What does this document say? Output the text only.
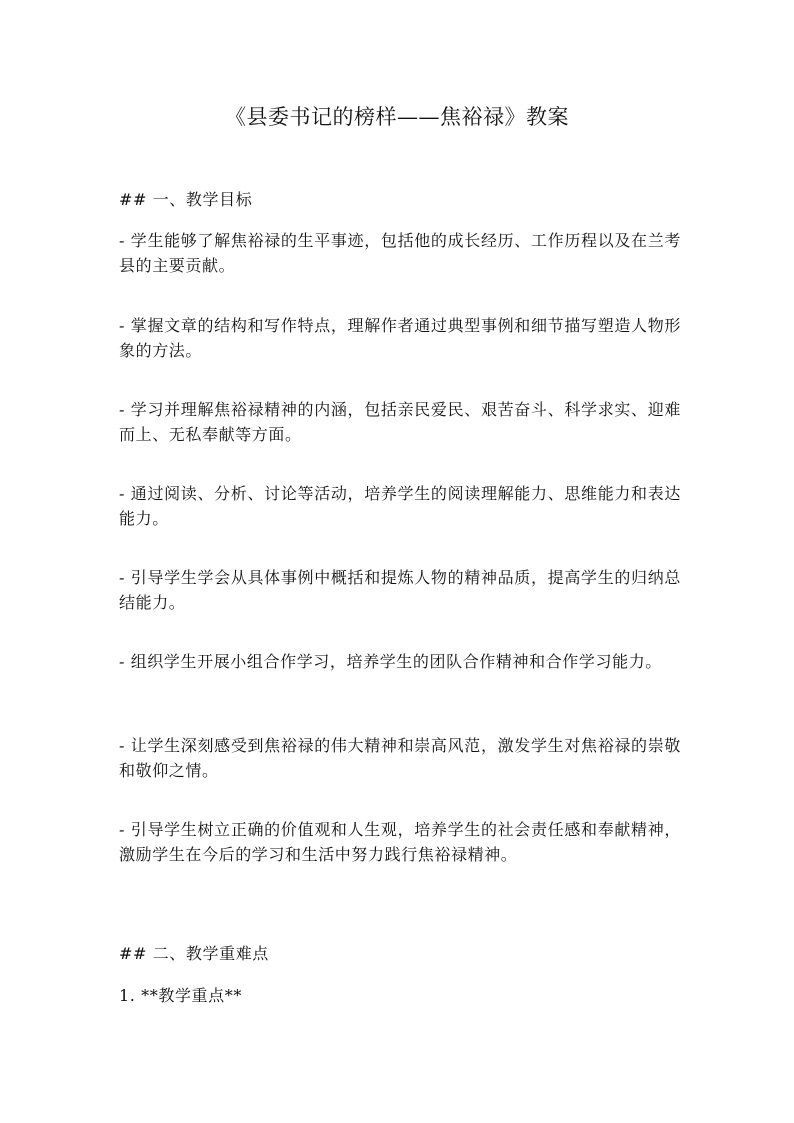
《县委书记的榜样——焦裕禄》教案
## 一、教学目标
- 学生能够了解焦裕禄的生平事迹，包括他的成长经历、工作历程以及在兰考县的主要贡献。
- 掌握文章的结构和写作特点，理解作者通过典型事例和细节描写塑造人物形象的方法。
- 学习并理解焦裕禄精神的内涵，包括亲民爱民、艰苦奋斗、科学求实、迎难而上、无私奉献等方面。
- 通过阅读、分析、讨论等活动，培养学生的阅读理解能力、思维能力和表达能力。
- 引导学生学会从具体事例中概括和提炼人物的精神品质，提高学生的归纳总结能力。
- 组织学生开展小组合作学习，培养学生的团队合作精神和合作学习能力。
- 让学生深刻感受到焦裕禄的伟大精神和崇高风范，激发学生对焦裕禄的崇敬和敬仰之情。
- 引导学生树立正确的价值观和人生观，培养学生的社会责任感和奉献精神，激励学生在今后的学习和生活中努力践行焦裕禄精神。
## 二、教学重难点
1. **教学重点**
